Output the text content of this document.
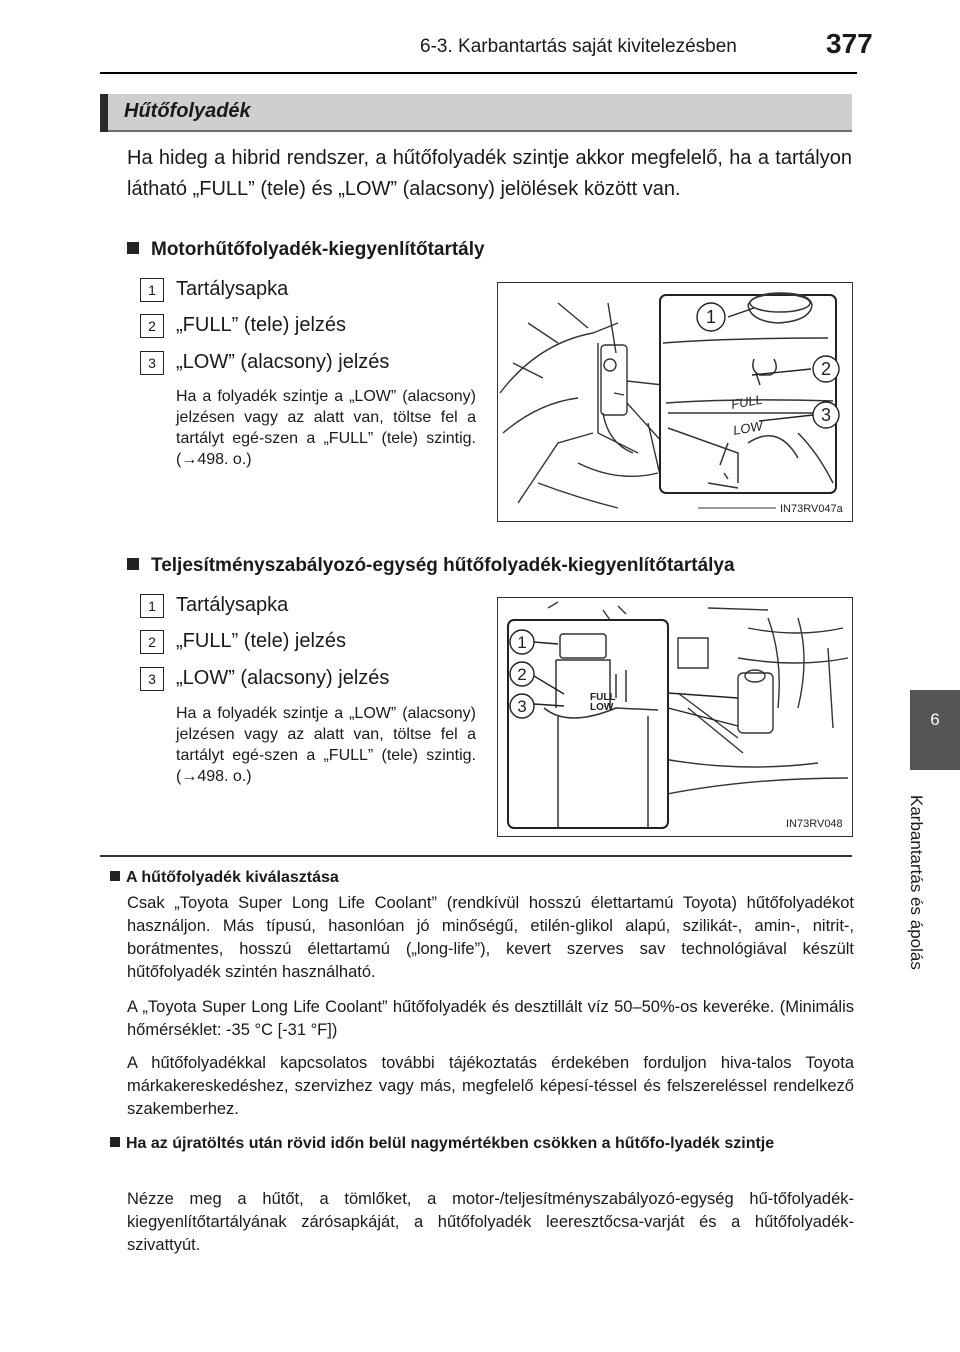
6-3. Karbantartás saját kivitelezésben	377
Hűtőfolyadék
Ha hideg a hibrid rendszer, a hűtőfolyadék szintje akkor megfelelő, ha a tartályon látható „FULL” (tele) és „LOW” (alacsony) jelölések között van.
Motorhűtőfolyadék-kiegyenlítőtartály
1	Tartálysapka
2	„FULL” (tele) jelzés
3	„LOW” (alacsony) jelzés
Ha a folyadék szintje a „LOW” (alacsony) jelzésen vagy az alatt van, töltse fel a tartályt egé-szen a „FULL” (tele) szintig. (→498. o.)
FULL
LOW
1
2
3
IN73RV047a
Teljesítményszabályozó-egység hűtőfolyadék-kiegyenlítőtartálya
1	Tartálysapka
2	„FULL” (tele) jelzés
3	„LOW” (alacsony) jelzés
Ha a folyadék szintje a „LOW” (alacsony) jelzésen vagy az alatt van, töltse fel a tartályt egé-szen a „FULL” (tele) szintig. (→498. o.)
FULL
LOW
1
2
3
IN73RV048
A hűtőfolyadék kiválasztása
Csak „Toyota Super Long Life Coolant” (rendkívül hosszú élettartamú Toyota) hűtőfolyadékot használjon. Más típusú, hasonlóan jó minőségű, etilén-glikol alapú, szilikát-, amin-, nitrit-, borátmentes, hosszú élettartamú („long-life”), kevert szerves sav technológiával készült hűtőfolyadék szintén használható.
A „Toyota Super Long Life Coolant” hűtőfolyadék és desztillált víz 50–50%-os keveréke. (Minimális hőmérséklet: -35 °C [-31 °F])
A hűtőfolyadékkal kapcsolatos további tájékoztatás érdekében forduljon hiva-talos Toyota márkakereskedéshez, szervizhez vagy más, megfelelő képesí-téssel és felszereléssel rendelkező szakemberhez.
Ha az újratöltés után rövid időn belül nagymértékben csökken a hűtőfo-lyadék szintje
Nézze meg a hűtőt, a tömlőket, a motor-/teljesítményszabályozó-egység hű-tőfolyadék-kiegyenlítőtartályának zárósapkáját, a hűtőfolyadék leeresztőcsa-varját és a hűtőfolyadék-szivattyút.
6
Karbantartás és ápolás
